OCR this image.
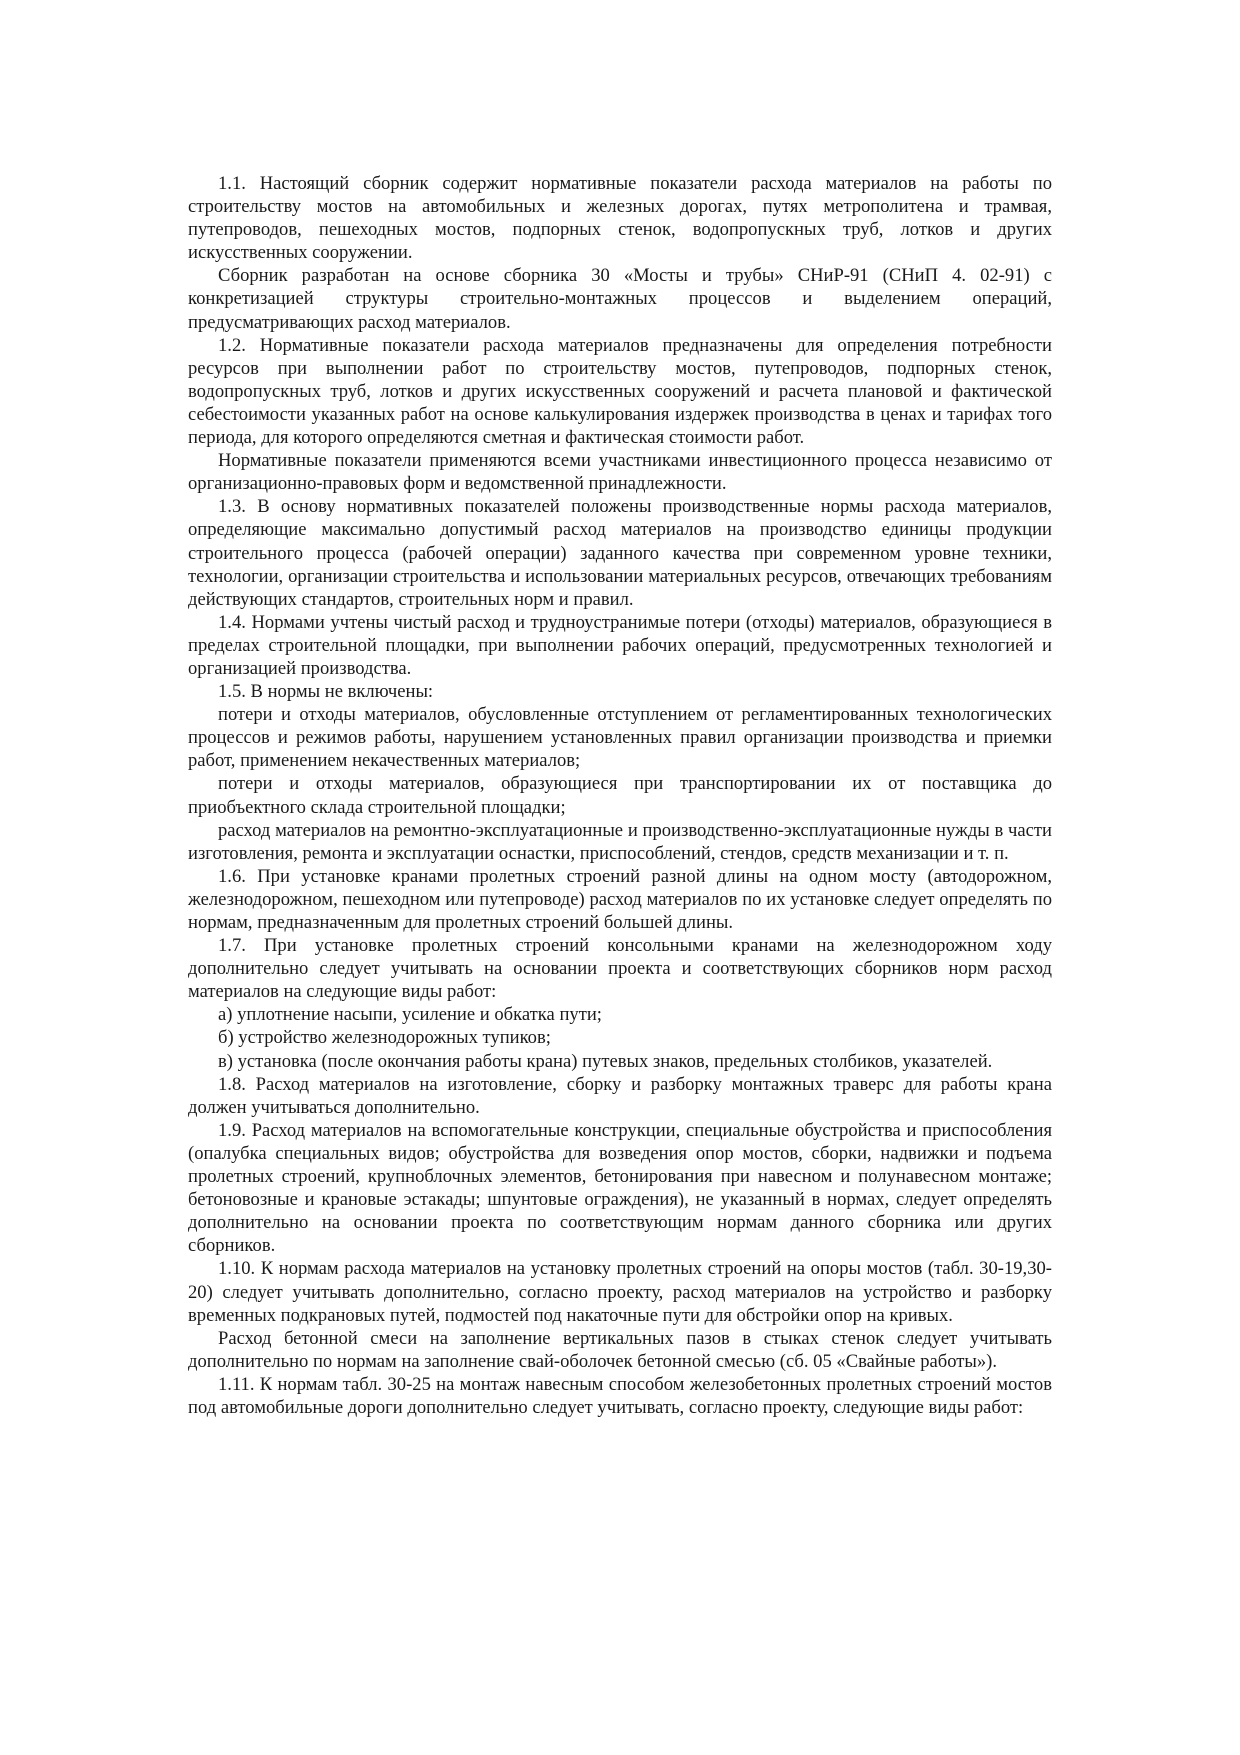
1.1. Настоящий сборник содержит нормативные показатели расхода материалов на работы по строительству мостов на автомобильных и железных дорогах, путях метрополитена и трамвая, путепроводов, пешеходных мостов, подпорных стенок, водопропускных труб, лотков и других искусственных сооружении.

Сборник разработан на основе сборника 30 «Мосты и трубы» СНиР-91 (СНиП 4. 02-91) с конкретизацией структуры строительно-монтажных процессов и выделением операций, предусматривающих расход материалов.

1.2. Нормативные показатели расхода материалов предназначены для определения потребности ресурсов при выполнении работ по строительству мостов, путепроводов, подпорных стенок, водопропускных труб, лотков и других искусственных сооружений и расчета плановой и фактической себестоимости указанных работ на основе калькулирования издержек производства в ценах и тарифах того периода, для которого определяются сметная и фактическая стоимости работ.

Нормативные показатели применяются всеми участниками инвестиционного процесса независимо от организационно-правовых форм и ведомственной принадлежности.

1.3. В основу нормативных показателей положены производственные нормы расхода материалов, определяющие максимально допустимый расход материалов на производство единицы продукции строительного процесса (рабочей операции) заданного качества при современном уровне техники, технологии, организации строительства и использовании материальных ресурсов, отвечающих требованиям действующих стандартов, строительных норм и правил.

1.4. Нормами учтены чистый расход и трудноустранимые потери (отходы) материалов, образующиеся в пределах строительной площадки, при выполнении рабочих операций, предусмотренных технологией и организацией производства.

1.5. В нормы не включены:

потери и отходы материалов, обусловленные отступлением от регламентированных технологических процессов и режимов работы, нарушением установленных правил организации производства и приемки работ, применением некачественных материалов;

потери и отходы материалов, образующиеся при транспортировании их от поставщика до приобъектного склада строительной площадки;

расход материалов на ремонтно-эксплуатационные и производственно-эксплуатационные нужды в части изготовления, ремонта и эксплуатации оснастки, приспособлений, стендов, средств механизации и т. п.

1.6. При установке кранами пролетных строений разной длины на одном мосту (автодорожном, железнодорожном, пешеходном или путепроводе) расход материалов по их установке следует определять по нормам, предназначенным для пролетных строений большей длины.

1.7. При установке пролетных строений консольными кранами на железнодорожном ходу дополнительно следует учитывать на основании проекта и соответствующих сборников норм расход материалов на следующие виды работ:

а) уплотнение насыпи, усиление и обкатка пути;

б) устройство железнодорожных тупиков;

в) установка (после окончания работы крана) путевых знаков, предельных столбиков, указателей.

1.8. Расход материалов на изготовление, сборку и разборку монтажных траверс для работы крана должен учитываться дополнительно.

1.9. Расход материалов на вспомогательные конструкции, специальные обустройства и приспособления (опалубка специальных видов; обустройства для возведения опор мостов, сборки, надвижки и подъема пролетных строений, крупноблочных элементов, бетонирования при навесном и полунавесном монтаже; бетоновозные и крановые эстакады; шпунтовые ограждения), не указанный в нормах, следует определять дополнительно на основании проекта по соответствующим нормам данного сборника или других сборников.

1.10. К нормам расхода материалов на установку пролетных строений на опоры мостов (табл. 30-19,30-20) следует учитывать дополнительно, согласно проекту, расход материалов на устройство и разборку временных подкрановых путей, подмостей под накаточные пути для обстройки опор на кривых.

Расход бетонной смеси на заполнение вертикальных пазов в стыках стенок следует учитывать дополнительно по нормам на заполнение свай-оболочек бетонной смесью (сб. 05 «Свайные работы»).

1.11. К нормам табл. 30-25 на монтаж навесным способом железобетонных пролетных строений мостов под автомобильные дороги дополнительно следует учитывать, согласно проекту, следующие виды работ:
